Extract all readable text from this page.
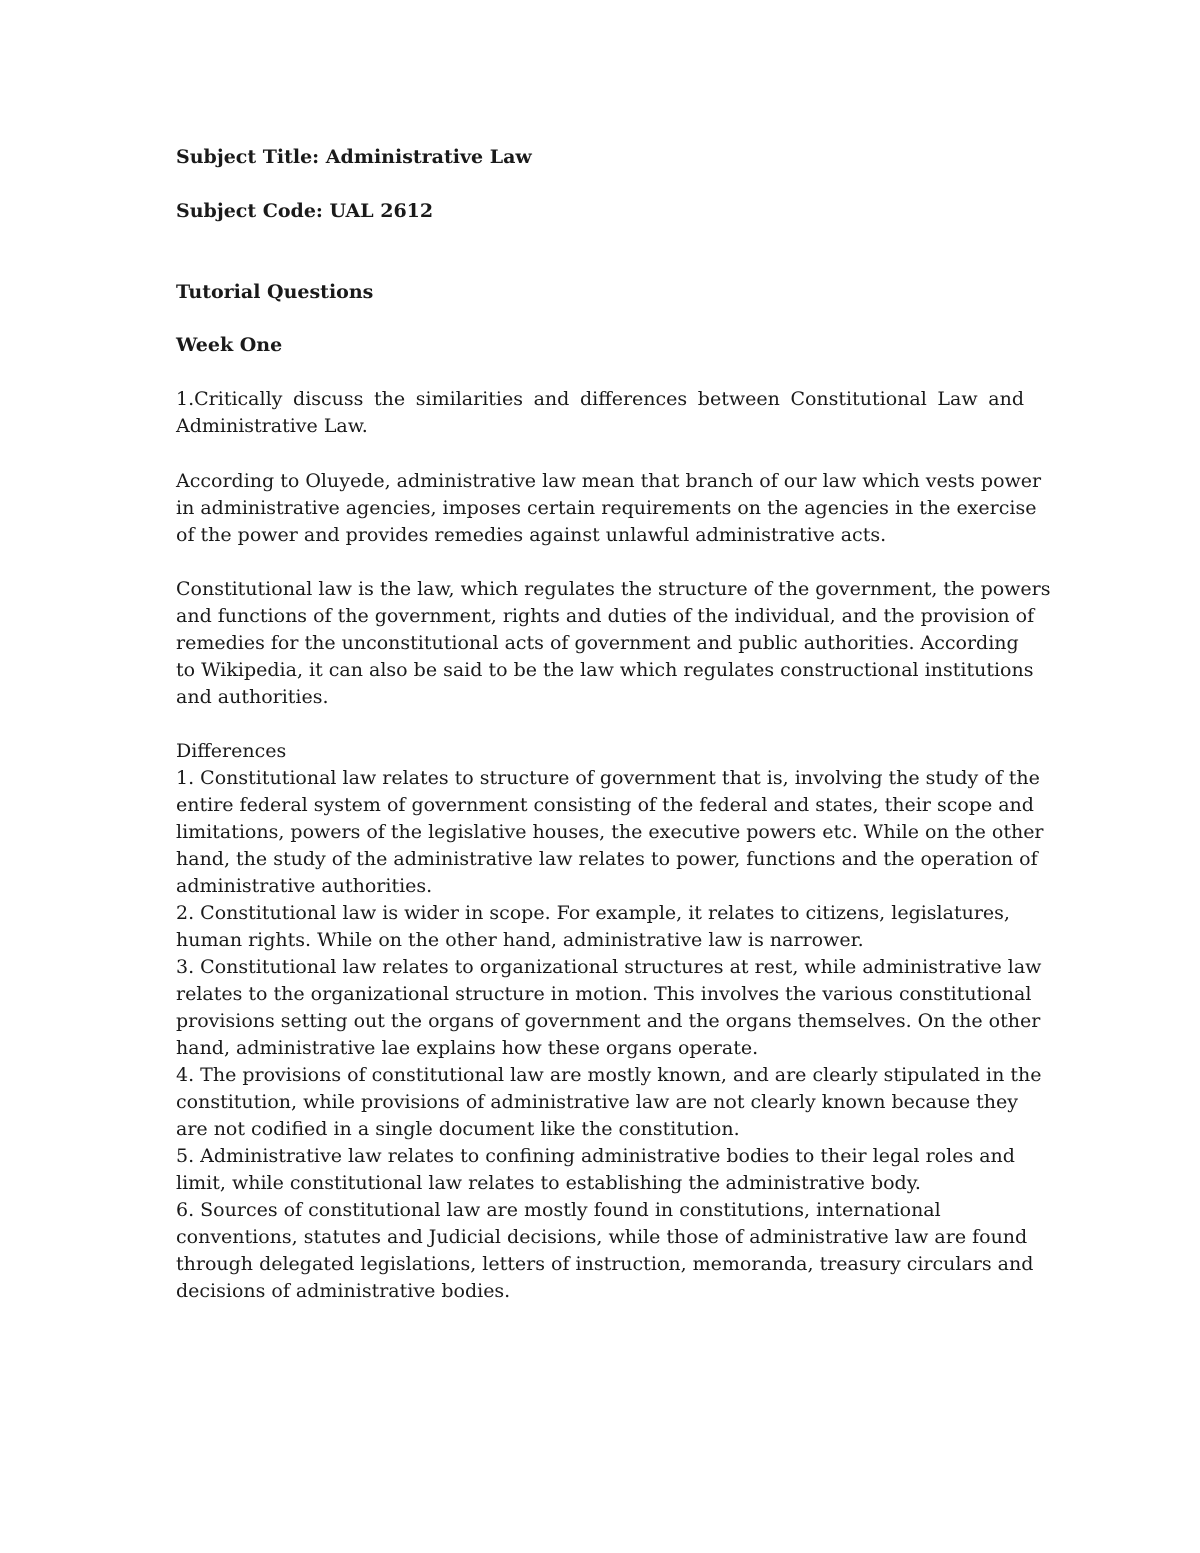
Subject Title: Administrative Law

Subject Code: UAL 2612

Tutorial Questions

Week One

1.Critically discuss the similarities and differences between Constitutional Law and
Administrative Law.

According to Oluyede, administrative law mean that branch of our law which vests power
in administrative agencies, imposes certain requirements on the agencies in the exercise
of the power and provides remedies against unlawful administrative acts.

Constitutional law is the law, which regulates the structure of the government, the powers
and functions of the government, rights and duties of the individual, and the provision of
remedies for the unconstitutional acts of government and public authorities. According
to Wikipedia, it can also be said to be the law which regulates constructional institutions
and authorities.

Differences
1. Constitutional law relates to structure of government that is, involving the study of the
entire federal system of government consisting of the federal and states, their scope and
limitations, powers of the legislative houses, the executive powers etc. While on the other
hand, the study of the administrative law relates to power, functions and the operation of
administrative authorities.
2. Constitutional law is wider in scope. For example, it relates to citizens, legislatures,
human rights. While on the other hand, administrative law is narrower.
3. Constitutional law relates to organizational structures at rest, while administrative law
relates to the organizational structure in motion. This involves the various constitutional
provisions setting out the organs of government and the organs themselves. On the other
hand, administrative lae explains how these organs operate.
4. The provisions of constitutional law are mostly known, and are clearly stipulated in the
constitution, while provisions of administrative law are not clearly known because they
are not codified in a single document like the constitution.
5. Administrative law relates to confining administrative bodies to their legal roles and
limit, while constitutional law relates to establishing the administrative body.
6. Sources of constitutional law are mostly found in constitutions, international
conventions, statutes and Judicial decisions, while those of administrative law are found
through delegated legislations, letters of instruction, memoranda, treasury circulars and
decisions of administrative bodies.
